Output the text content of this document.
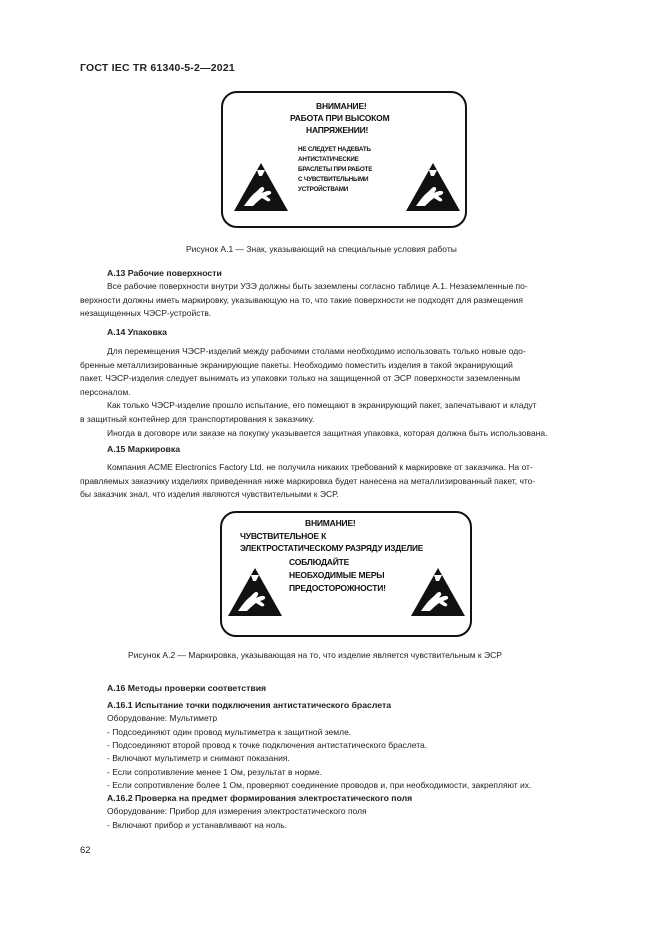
ГОСТ IEC TR 61340-5-2—2021
ВНИМАНИЕ!
РАБОТА ПРИ ВЫСОКОМ
НАПРЯЖЕНИИ!
НЕ СЛЕДУЕТ НАДЕВАТЬ
АНТИСТАТИЧЕСКИЕ
БРАСЛЕТЫ ПРИ РАБОТЕ
С ЧУВСТВИТЕЛЬНЫМИ
УСТРОЙСТВАМИ
Рисунок А.1 — Знак, указывающий на специальные условия работы
А.13 Рабочие поверхности
Все рабочие поверхности внутри УЗЭ должны быть заземлены согласно таблице А.1. Незаземленные по-
верхности должны иметь маркировку, указывающую на то, что такие поверхности не подходят для размещения
незащищенных ЧЭСР-устройств.
А.14 Упаковка
Для перемещения ЧЭСР-изделий между рабочими столами необходимо использовать только новые одо-
бренные металлизированные экранирующие пакеты. Необходимо поместить изделия в такой экранирующий
пакет. ЧЭСР-изделия следует вынимать из упаковки только на защищенной от ЭСР поверхности заземленным
персоналом.
Как только ЧЭСР-изделие прошло испытание, его помещают в экранирующий пакет, запечатывают и кладут
в защитный контейнер для транспортирования к заказчику.
Иногда в договоре или заказе на покупку указывается защитная упаковка, которая должна быть использована.
А.15 Маркировка
Компания ACME Electronics Factory Ltd. не получила никаких требований к маркировке от заказчика. На от-
правляемых заказчику изделиях приведенная ниже маркировка будет нанесена на металлизированный пакет, что-
бы заказчик знал, что изделия являются чувствительными к ЭСР.
ВНИМАНИЕ!
ЧУВСТВИТЕЛЬНОЕ К
ЭЛЕКТРОСТАТИЧЕСКОМУ РАЗРЯДУ ИЗДЕЛИЕ
СОБЛЮДАЙТЕ
НЕОБХОДИМЫЕ МЕРЫ
ПРЕДОСТОРОЖНОСТИ!
Рисунок А.2 — Маркировка, указывающая на то, что изделие является чувствительным к ЭСР
А.16 Методы проверки соответствия
А.16.1 Испытание точки подключения антистатического браслета
Оборудование: Мультиметр
- Подсоединяют один провод мультиметра к защитной земле.
- Подсоединяют второй провод к точке подключения антистатического браслета.
- Включают мультиметр и снимают показания.
- Если сопротивление менее 1 Ом, результат в норме.
- Если сопротивление более 1 Ом, проверяют соединение проводов и, при необходимости, закрепляют их.
А.16.2 Проверка на предмет формирования электростатического поля
Оборудование: Прибор для измерения электростатического поля
- Включают прибор и устанавливают на ноль.
62
